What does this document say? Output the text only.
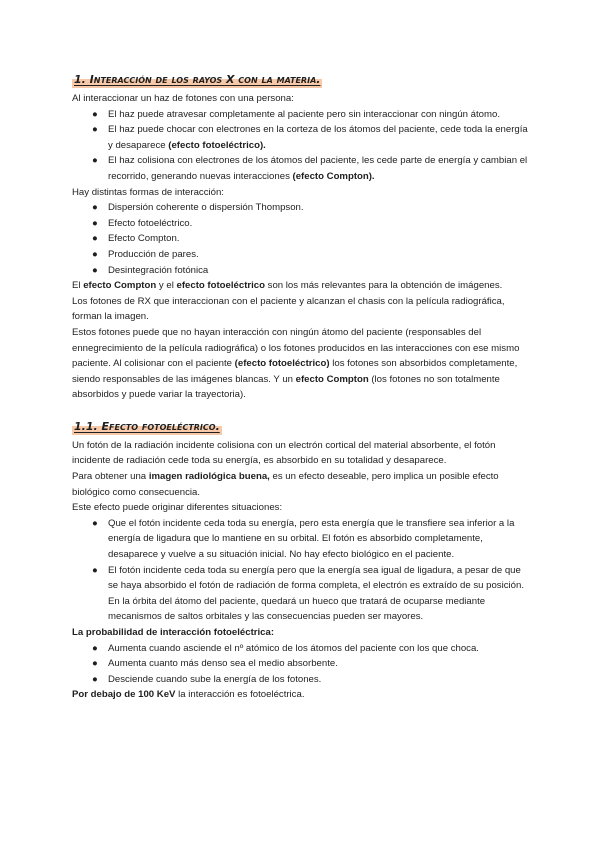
1. Interacción de los rayos X con la materia.

Al interaccionar un haz de fotones con una persona:

● El haz puede atravesar completamente al paciente pero sin interaccionar con ningún átomo.
● El haz puede chocar con electrones en la corteza de los átomos del paciente, cede toda la energía y desaparece (efecto fotoeléctrico).
● El haz colisiona con electrones de los átomos del paciente, les cede parte de energía y cambian el recorrido, generando nuevas interacciones (efecto Compton).

Hay distintas formas de interacción:

● Dispersión coherente o dispersión Thompson.
● Efecto fotoeléctrico.
● Efecto Compton.
● Producción de pares.
● Desintegración fotónica

El efecto Compton y el efecto fotoeléctrico son los más relevantes para la obtención de imágenes.

Los fotones de RX que interaccionan con el paciente y alcanzan el chasis con la película radiográfica, forman la imagen.

Estos fotones puede que no hayan interacción con ningún átomo del paciente (responsables del ennegrecimiento de la película radiográfica) o los fotones producidos en las interacciones con ese mismo paciente. Al colisionar con el paciente (efecto fotoeléctrico) los fotones son absorbidos completamente, siendo responsables de las imágenes blancas. Y un efecto Compton (los fotones no son totalmente absorbidos y puede variar la trayectoria).

1.1. Efecto fotoeléctrico.

Un fotón de la radiación incidente colisiona con un electrón cortical del material absorbente, el fotón incidente de radiación cede toda su energía, es absorbido en su totalidad y desaparece.

Para obtener una imagen radiológica buena, es un efecto deseable, pero implica un posible efecto biológico como consecuencia.

Este efecto puede originar diferentes situaciones:

● Que el fotón incidente ceda toda su energía, pero esta energía que le transfiere sea inferior a la energía de ligadura que lo mantiene en su orbital. El fotón es absorbido completamente, desaparece y vuelve a su situación inicial. No hay efecto biológico en el paciente.
● El fotón incidente ceda toda su energía pero que la energía sea igual de ligadura, a pesar de que se haya absorbido el fotón de radiación de forma completa, el electrón es extraído de su posición. En la órbita del átomo del paciente, quedará un hueco que tratará de ocuparse mediante mecanismos de saltos orbitales y las consecuencias pueden ser mayores.

La probabilidad de interacción fotoeléctrica:

● Aumenta cuando asciende el nº atómico de los átomos del paciente con los que choca.
● Aumenta cuanto más denso sea el medio absorbente.
● Desciende cuando sube la energía de los fotones.

Por debajo de 100 KeV la interacción es fotoeléctrica.
